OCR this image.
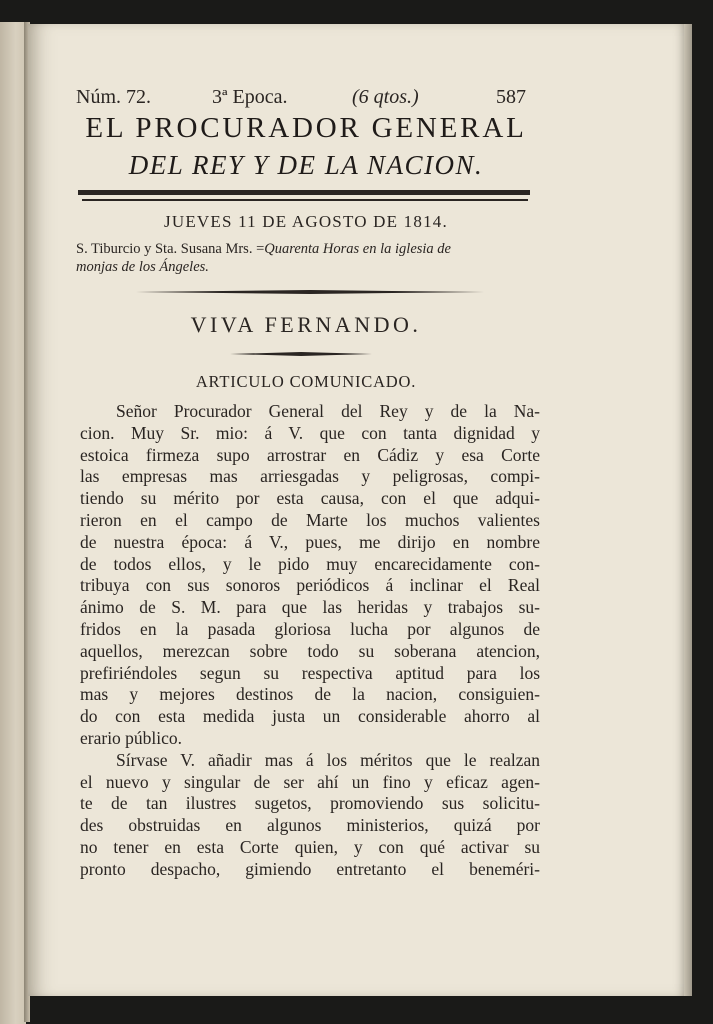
Núm. 72.	3ª Epoca.	(6 qtos.)	587
EL PROCURADOR GENERAL
DEL REY Y DE LA NACION.
JUEVES 11 DE AGOSTO DE 1814.
S. Tiburcio y Sta. Susana Mrs. =Quarenta Horas en la iglesia de
monjas de los Ángeles.
VIVA FERNANDO.
ARTICULO COMUNICADO.
Señor Procurador General del Rey y de la Na-
cion. Muy Sr. mio: á V. que con tanta dignidad y
estoica firmeza supo arrostrar en Cádiz y esa Corte
las empresas mas arriesgadas y peligrosas, compi-
tiendo su mérito por esta causa, con el que adqui-
rieron en el campo de Marte los muchos valientes
de nuestra época: á V., pues, me dirijo en nombre
de todos ellos, y le pido muy encarecidamente con-
tribuya con sus sonoros periódicos á inclinar el Real
ánimo de S. M. para que las heridas y trabajos su-
fridos en la pasada gloriosa lucha por algunos de
aquellos, merezcan sobre todo su soberana atencion,
prefiriéndoles segun su respectiva aptitud para los
mas y mejores destinos de la nacion, consiguien-
do con esta medida justa un considerable ahorro al
erario público.
Sírvase V. añadir mas á los méritos que le realzan
el nuevo y singular de ser ahí un fino y eficaz agen-
te de tan ilustres sugetos, promoviendo sus solicitu-
des obstruidas en algunos ministerios, quizá por
no tener en esta Corte quien, y con qué activar su
pronto despacho, gimiendo entretanto el beneméri-
